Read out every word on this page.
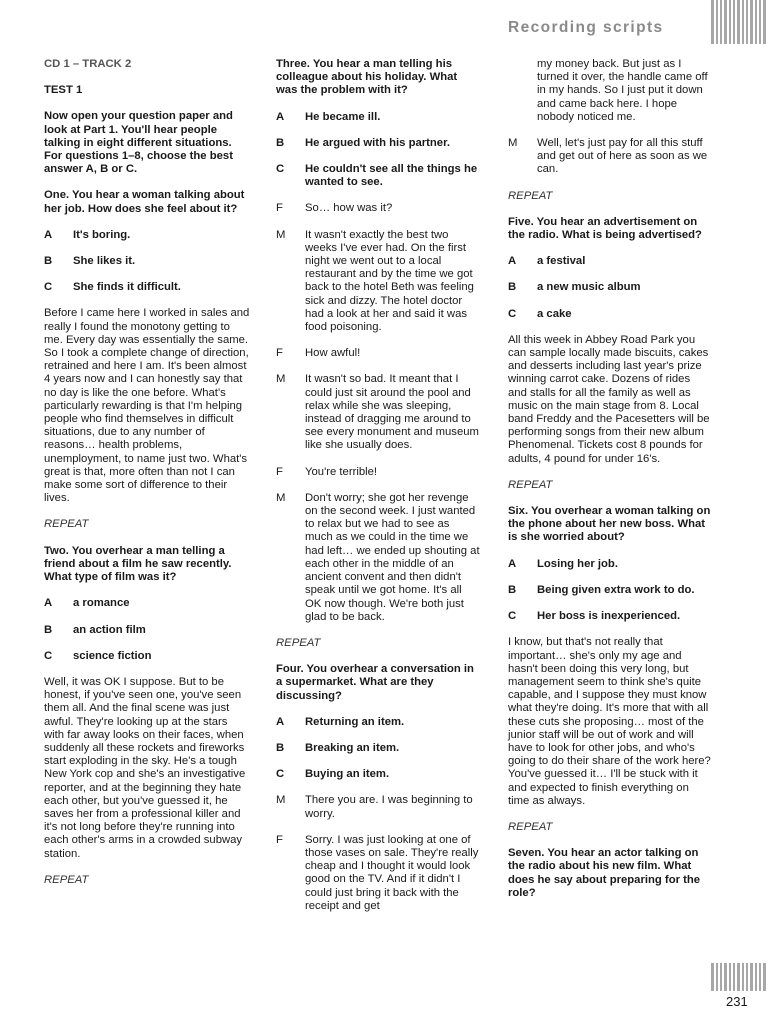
Recording scripts
CD 1 – TRACK 2
TEST 1
Now open your question paper and look at Part 1. You'll hear people talking in eight different situations. For questions 1–8, choose the best answer A, B or C.
One. You hear a woman talking about her job. How does she feel about it?
A	It's boring.
B	She likes it.
C	She finds it difficult.
Before I came here I worked in sales and really I found the monotony getting to me. Every day was essentially the same. So I took a complete change of direction, retrained and here I am. It's been almost 4 years now and I can honestly say that no day is like the one before. What's particularly rewarding is that I'm helping people who find themselves in difficult situations, due to any number of reasons… health problems, unemployment, to name just two. What's great is that, more often than not I can make some sort of difference to their lives.
REPEAT
Two. You overhear a man telling a friend about a film he saw recently. What type of film was it?
A	a romance
B	an action film
C	science fiction
Well, it was OK I suppose. But to be honest, if you've seen one, you've seen them all. And the final scene was just awful. They're looking up at the stars with far away looks on their faces, when suddenly all these rockets and fireworks start exploding in the sky. He's a tough New York cop and she's an investigative reporter, and at the beginning they hate each other, but you've guessed it, he saves her from a professional killer and it's not long before they're running into each other's arms in a crowded subway station.
REPEAT
Three. You hear a man telling his colleague about his holiday. What was the problem with it?
A	He became ill.
B	He argued with his partner.
C	He couldn't see all the things he wanted to see.
F	So… how was it?
M	It wasn't exactly the best two weeks I've ever had. On the first night we went out to a local restaurant and by the time we got back to the hotel Beth was feeling sick and dizzy. The hotel doctor had a look at her and said it was food poisoning.
F	How awful!
M	It wasn't so bad. It meant that I could just sit around the pool and relax while she was sleeping, instead of dragging me around to see every monument and museum like she usually does.
F	You're terrible!
M	Don't worry; she got her revenge on the second week. I just wanted to relax but we had to see as much as we could in the time we had left… we ended up shouting at each other in the middle of an ancient convent and then didn't speak until we got home. It's all OK now though. We're both just glad to be back.
REPEAT
Four. You overhear a conversation in a supermarket. What are they discussing?
A	Returning an item.
B	Breaking an item.
C	Buying an item.
M	There you are. I was beginning to worry.
F	Sorry. I was just looking at one of those vases on sale. They're really cheap and I thought it would look good on the TV. And if it didn't I could just bring it back with the receipt and get
my money back. But just as I turned it over, the handle came off in my hands. So I just put it down and came back here. I hope nobody noticed me.
M	Well, let's just pay for all this stuff and get out of here as soon as we can.
REPEAT
Five. You hear an advertisement on the radio. What is being advertised?
A	a festival
B	a new music album
C	a cake
All this week in Abbey Road Park you can sample locally made biscuits, cakes and desserts including last year's prize winning carrot cake. Dozens of rides and stalls for all the family as well as music on the main stage from 8. Local band Freddy and the Pacesetters will be performing songs from their new album Phenomenal. Tickets cost 8 pounds for adults, 4 pound for under 16's.
REPEAT
Six. You overhear a woman talking on the phone about her new boss. What is she worried about?
A	Losing her job.
B	Being given extra work to do.
C	Her boss is inexperienced.
I know, but that's not really that important… she's only my age and hasn't been doing this very long, but management seem to think she's quite capable, and I suppose they must know what they're doing. It's more that with all these cuts she proposing… most of the junior staff will be out of work and will have to look for other jobs, and who's going to do their share of the work here? You've guessed it… I'll be stuck with it and expected to finish everything on time as always.
REPEAT
Seven. You hear an actor talking on the radio about his new film. What does he say about preparing for the role?
231
